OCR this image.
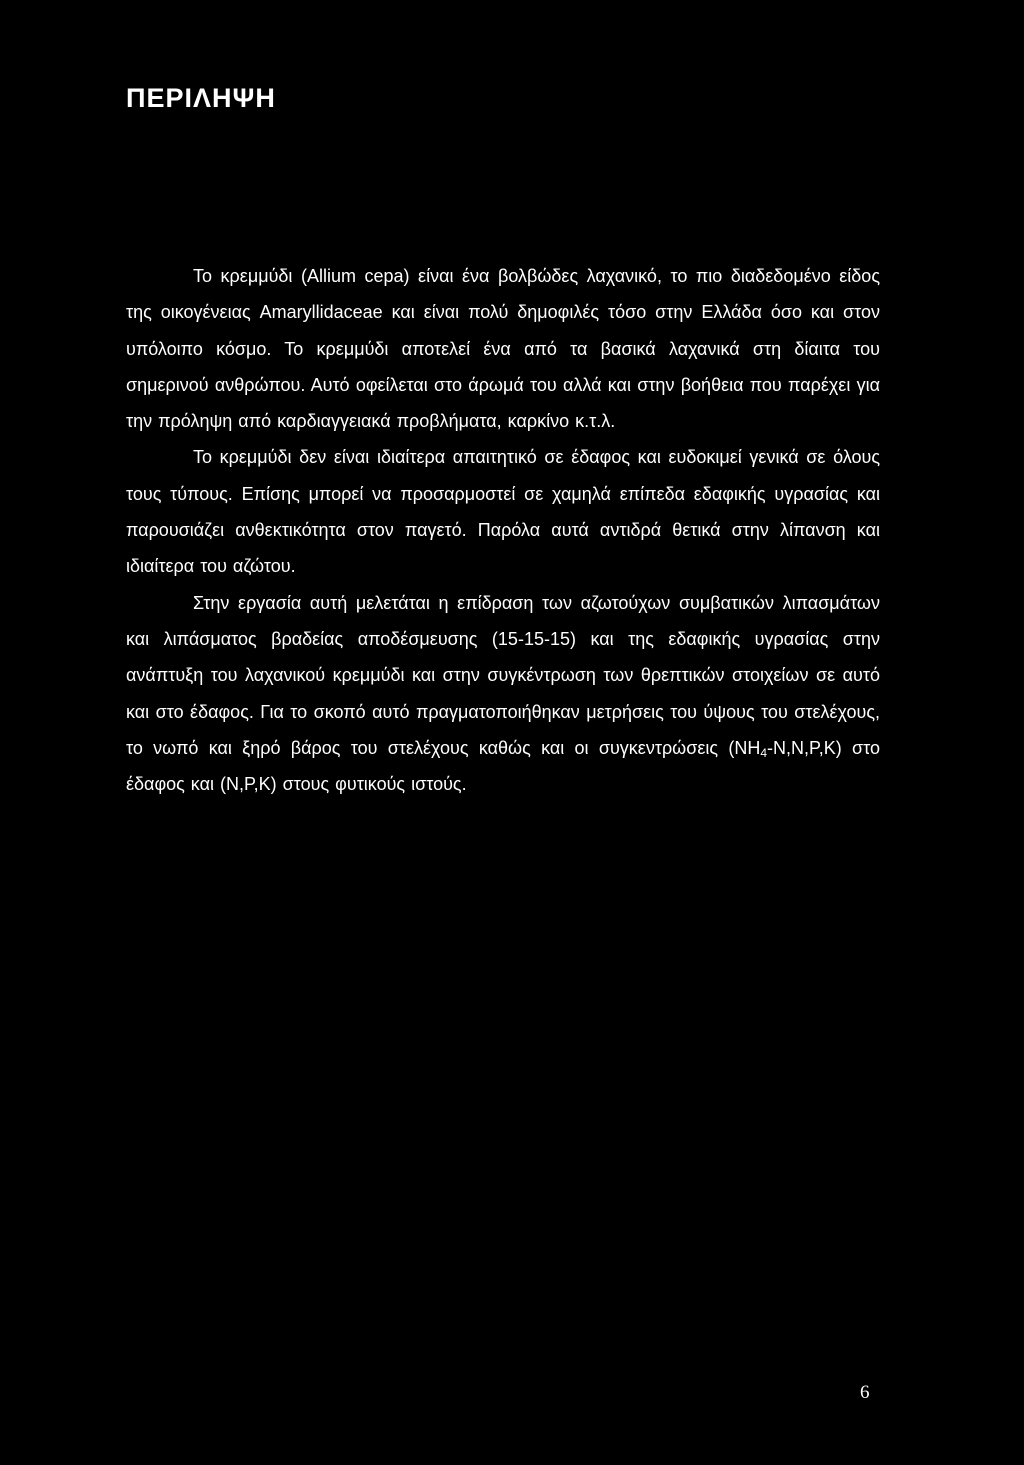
ΠΕΡΙΛΗΨΗ

Το κρεμμύδι (Allium cepa) είναι ένα βολβώδες λαχανικό, το πιο διαδεδομένο είδος της οικογένειας Amaryllidaceae και είναι πολύ δημοφιλές τόσο στην Ελλάδα όσο και στον υπόλοιπο κόσμο. Το κρεμμύδι αποτελεί ένα από τα βασικά λαχανικά στη δίαιτα του σημερινού ανθρώπου. Αυτό οφείλεται στο άρωμά του αλλά και στην βοήθεια που παρέχει για την πρόληψη από καρδιαγγειακά προβλήματα, καρκίνο κ.τ.λ.

Το κρεμμύδι δεν είναι ιδιαίτερα απαιτητικό σε έδαφος και ευδοκιμεί γενικά σε όλους τους τύπους. Επίσης μπορεί να προσαρμοστεί σε χαμηλά επίπεδα εδαφικής υγρασίας και παρουσιάζει ανθεκτικότητα στον παγετό. Παρόλα αυτά αντιδρά θετικά στην λίπανση και ιδιαίτερα του αζώτου.

Στην εργασία αυτή μελετάται η επίδραση των αζωτούχων συμβατικών λιπασμάτων και λιπάσματος βραδείας αποδέσμευσης (15-15-15) και της εδαφικής υγρασίας στην ανάπτυξη του λαχανικού κρεμμύδι και στην συγκέντρωση των θρεπτικών στοιχείων σε αυτό και στο έδαφος. Για το σκοπό αυτό πραγματοποιήθηκαν μετρήσεις του ύψους του στελέχους, το νωπό και ξηρό βάρος του στελέχους καθώς και οι συγκεντρώσεις $(NH_4-N,N,P,K)$ στο έδαφος και (N,P,K) στους φυτικούς ιστούς.

6
